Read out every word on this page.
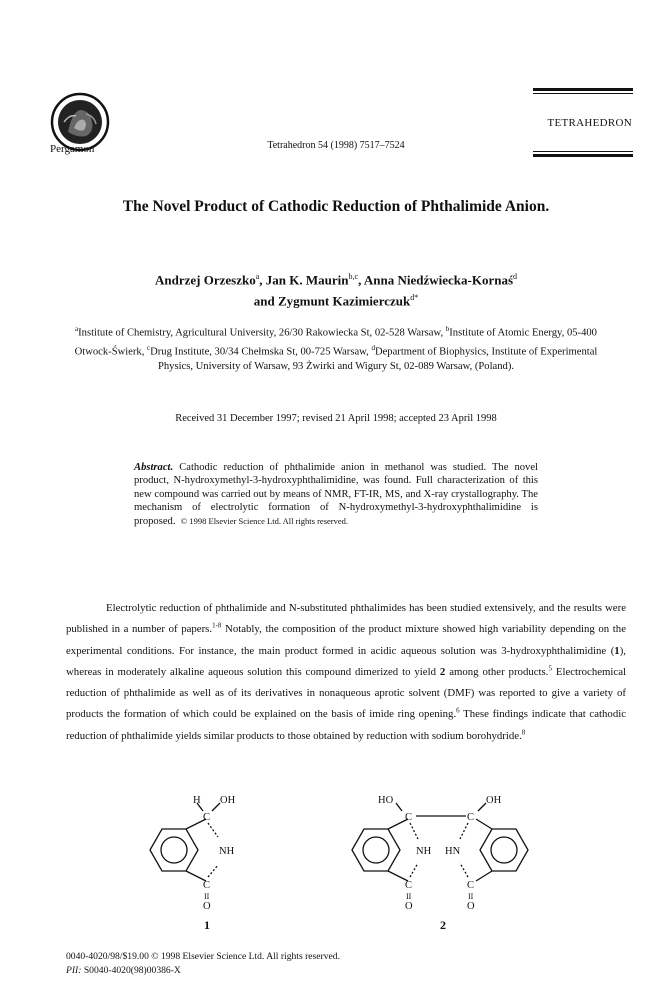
Pergamon	Tetrahedron 54 (1998) 7517–7524
TETRAHEDRON
The Novel Product of Cathodic Reduction of Phthalimide Anion.
Andrzej Orzeszko$^a$, Jan K. Maurin$^{b,c}$, Anna Niedźwiecka-Kornaś$^d$
and Zygmunt Kazimierczuk$^{d*}$
$^a$Institute of Chemistry, Agricultural University, 26/30 Rakowiecka St, 02-528 Warsaw, $^b$Institute of Atomic Energy, 05-400 Otwock-Świerk, $^c$Drug Institute, 30/34 Chełmska St, 00-725 Warsaw, $^d$Department of Biophysics, Institute of Experimental Physics, University of Warsaw, 93 Żwirki and Wigury St, 02-089 Warsaw, (Poland).
Received 31 December 1997; revised 21 April 1998; accepted 23 April 1998
Abstract. Cathodic reduction of phthalimide anion in methanol was studied. The novel product, N-hydroxymethyl-3-hydroxyphthalimidine, was found. Full characterization of this new compound was carried out by means of NMR, FT-IR, MS, and X-ray crystallography. The mechanism of electrolytic formation of N-hydroxymethyl-3-hydroxyphthalimidine is proposed. © 1998 Elsevier Science Ltd. All rights reserved.
Electrolytic reduction of phthalimide and N-substituted phthalimides has been studied extensively, and the results were published in a number of papers.$^{1-8}$ Notably, the composition of the product mixture showed high variability depending on the experimental conditions. For instance, the main product formed in acidic aqueous solution was 3-hydroxyphthalimidine (1), whereas in moderately alkaline aqueous solution this compound dimerized to yield 2 among other products.$^5$ Electrochemical reduction of phthalimide as well as of its derivatives in nonaqueous aprotic solvent (DMF) was reported to give a variety of products the formation of which could be explained on the basis of imide ring opening.$^6$ These findings indicate that cathodic reduction of phthalimide yields similar products to those obtained by reduction with sodium borohydride.$^8$
H OH
C
NH
C
II
O
1
HO
C
OH
C
NH HN
C
II
O
C
II
O
2
0040-4020/98/$19.00 © 1998 Elsevier Science Ltd. All rights reserved.
PII: S0040-4020(98)00386-X
